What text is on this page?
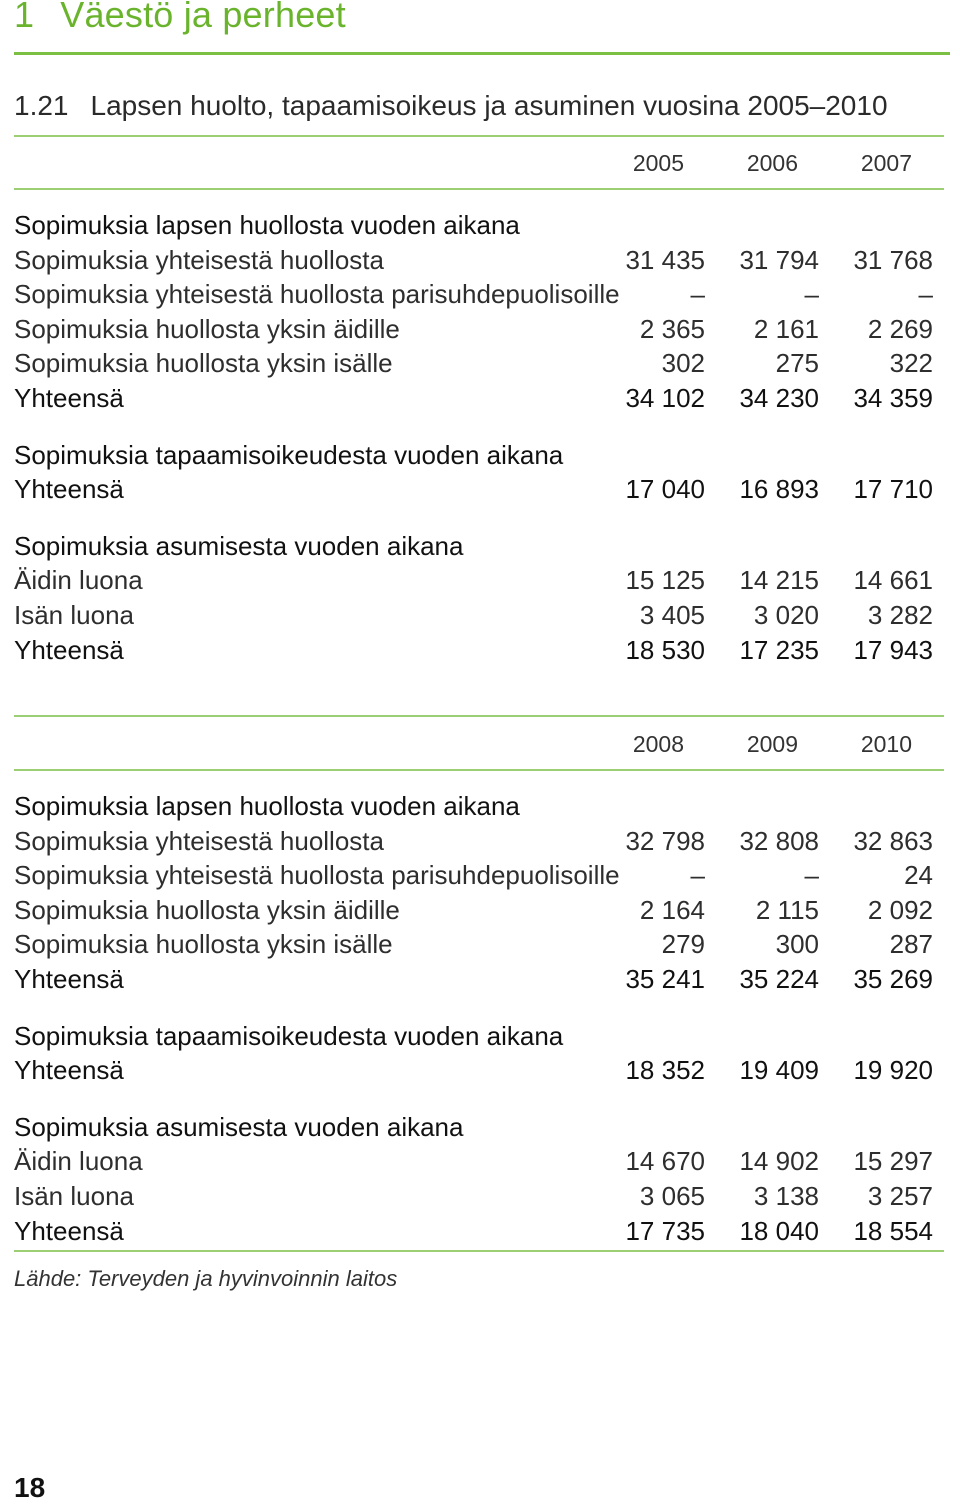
1 Väestö ja perheet
1.21 Lapsen huolto, tapaamisoikeus ja asuminen vuosina 2005–2010
2005	2006	2007
Sopimuksia lapsen huollosta vuoden aikana
Sopimuksia yhteisestä huollosta	31 435	31 794	31 768
Sopimuksia yhteisestä huollosta parisuhdepuolisoille	–	–	–
Sopimuksia huollosta yksin äidille	2 365	2 161	2 269
Sopimuksia huollosta yksin isälle	302	275	322
Yhteensä	34 102	34 230	34 359
Sopimuksia tapaamisoikeudesta vuoden aikana
Yhteensä	17 040	16 893	17 710
Sopimuksia asumisesta vuoden aikana
Äidin luona	15 125	14 215	14 661
Isän luona	3 405	3 020	3 282
Yhteensä	18 530	17 235	17 943
2008	2009	2010
Sopimuksia lapsen huollosta vuoden aikana
Sopimuksia yhteisestä huollosta	32 798	32 808	32 863
Sopimuksia yhteisestä huollosta parisuhdepuolisoille	–	–	24
Sopimuksia huollosta yksin äidille	2 164	2 115	2 092
Sopimuksia huollosta yksin isälle	279	300	287
Yhteensä	35 241	35 224	35 269
Sopimuksia tapaamisoikeudesta vuoden aikana
Yhteensä	18 352	19 409	19 920
Sopimuksia asumisesta vuoden aikana
Äidin luona	14 670	14 902	15 297
Isän luona	3 065	3 138	3 257
Yhteensä	17 735	18 040	18 554
Lähde: Terveyden ja hyvinvoinnin laitos
18
